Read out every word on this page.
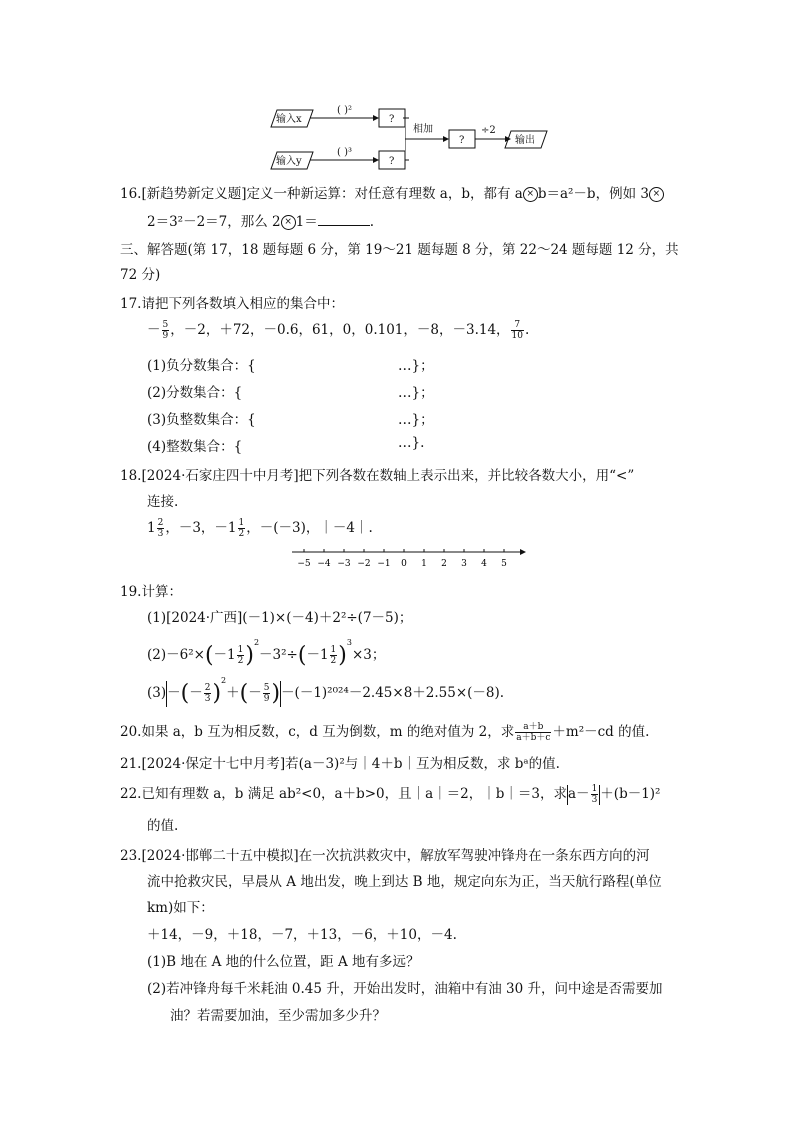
输入x
( )²
?
输入y
( )³
?
相加
?
÷2
输出
16.[新趋势新定义题]定义一种新运算：对任意有理数 a，b，都有 a × b＝a²－b，例如 3 ×
2＝3²－2＝7，那么 2 × 1＝	.
三、解答题(第 17，18 题每题 6 分，第 19～21 题每题 8 分，第 22～24 题每题 12 分，共
72 分)
17.请把下列各数填入相应的集合中：
－ $\frac{5}{9}$ ，－2，＋72，－0.6，61，0，0.101，－8，－3.14， $\frac{7}{10}$ .
(1)负分数集合：{	…}；
(2)分数集合：{	…}；
(3)负整数集合：{	…}；
(4)整数集合：{	…}.
18.[2024·石家庄四十中月考]把下列各数在数轴上表示出来，并比较各数大小，用“<”
连接.
$1 \frac{2}{3}$ ，－3，$-1 \frac{1}{2}$ ，－(－3)，｜－4｜.
−5 −4 −3 −2 −1 0 1 2 3 4 5
19.计算：
(1)[2024·广西](－1)×(－4)＋2²÷(7－5)；
$(2)-6^2\times(-1 \frac{1}{2} )^2-3^2\div(-1 \frac{1}{2} )^3\times 3$；
$(3)-(- \frac{2}{3} )^2+(- \frac{5}{9} )-(-1)^{2024}-2.45\times 8+2.55\times(-8)$.
20.如果 a，b 互为相反数，c，d 互为倒数，m 的绝对值为 2，求 $\frac{a+b}{a+b+c} +m^2-cd$ 的值.
21.[2024·保定十七中月考]若(a－3)²与｜4＋b｜互为相反数，求 bᵃ的值.
22.已知有理数 a，b 满足 ab²<0，a＋b>0，且｜a｜＝2，｜b｜＝3，求$a- \frac{1}{3} +(b-1)^2$
的值.
23.[2024·邯郸二十五中模拟]在一次抗洪救灾中，解放军驾驶冲锋舟在一条东西方向的河
流中抢救灾民，早晨从 A 地出发，晚上到达 B 地，规定向东为正，当天航行路程(单位
km)如下：
＋14，－9，＋18，－7，＋13，－6，＋10，－4.
(1)B 地在 A 地的什么位置，距 A 地有多远？
(2)若冲锋舟每千米耗油 0.45 升，开始出发时，油箱中有油 30 升，问中途是否需要加
油？若需要加油，至少需加多少升？
